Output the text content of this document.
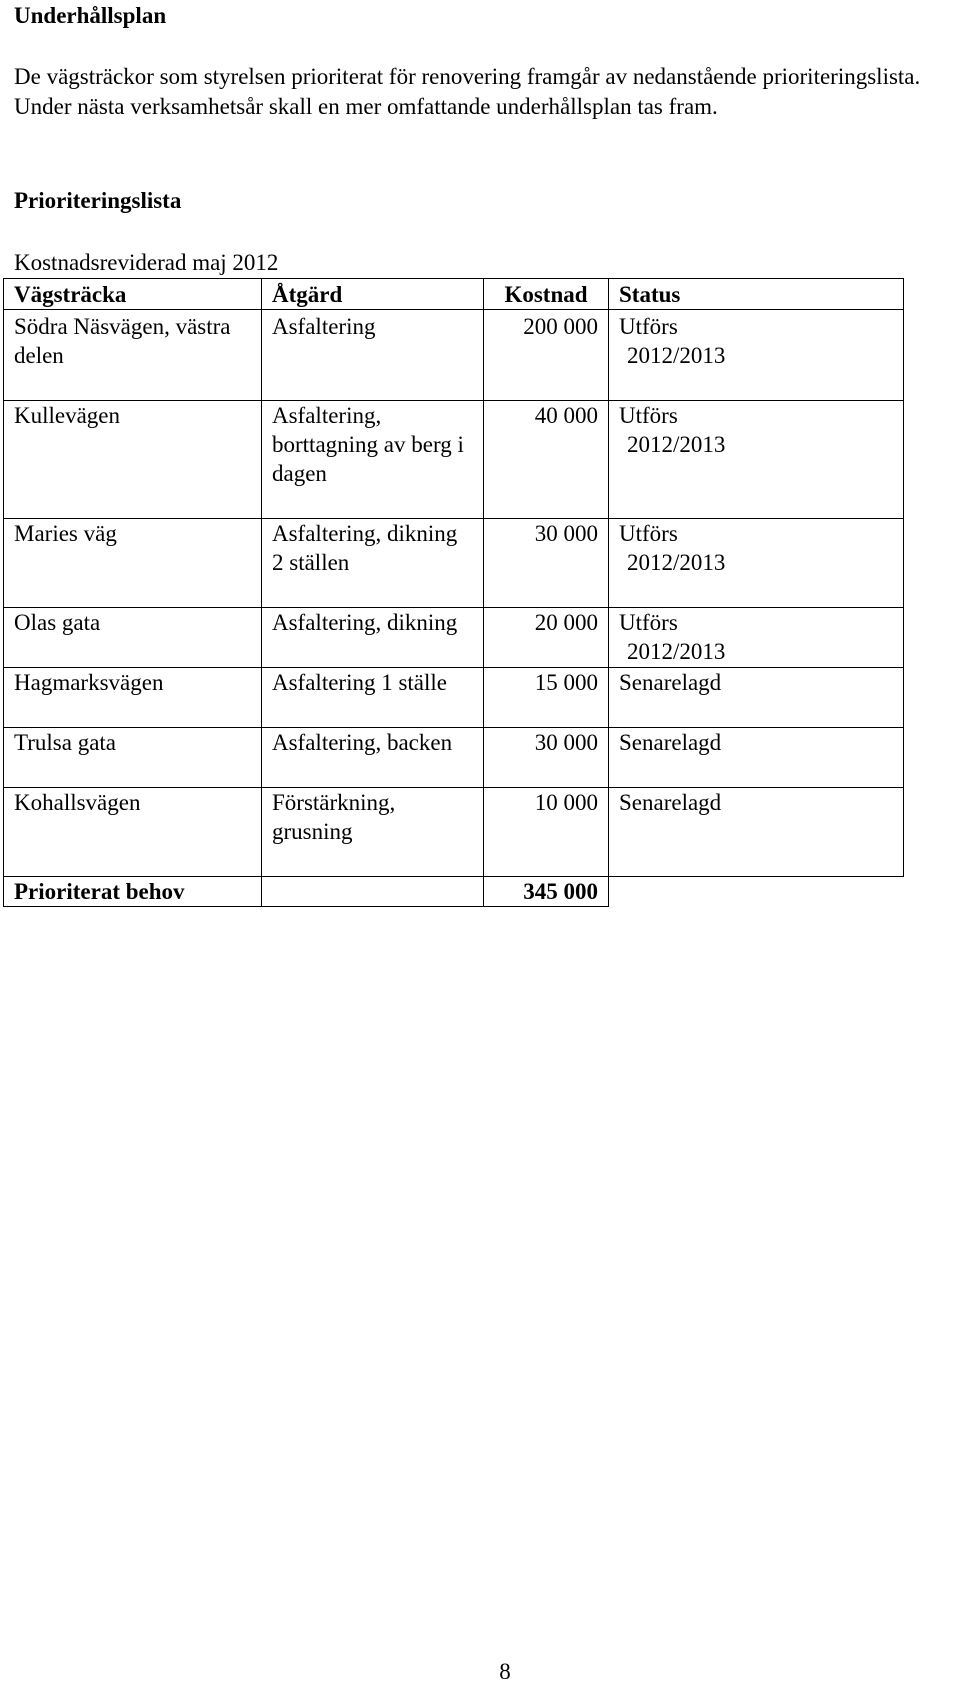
Underhållsplan
De vägsträckor som styrelsen prioriterat för renovering framgår av nedanstående prioriteringslista. Under nästa verksamhetsår skall en mer omfattande underhållsplan tas fram.
Prioriteringslista
Kostnadsreviderad maj 2012
Vägsträcka	Åtgärd	Kostnad	Status
Södra Näsvägen, västra delen	Asfaltering	200 000	Utförs
2012/2013

Kullevägen	Asfaltering, borttagning av berg i dagen	40 000	Utförs
2012/2013

Maries väg	Asfaltering, dikning 2 ställen	30 000	Utförs
2012/2013

Olas gata	Asfaltering, dikning	20 000	Utförs
2012/2013

Hagmarksvägen	Asfaltering 1 ställe	15 000	Senarelagd
Trulsa gata	Asfaltering, backen	30 000	Senarelagd
Kohallsvägen	Förstärkning, grusning	10 000	Senarelagd
Prioriterat behov		345 000	
8
